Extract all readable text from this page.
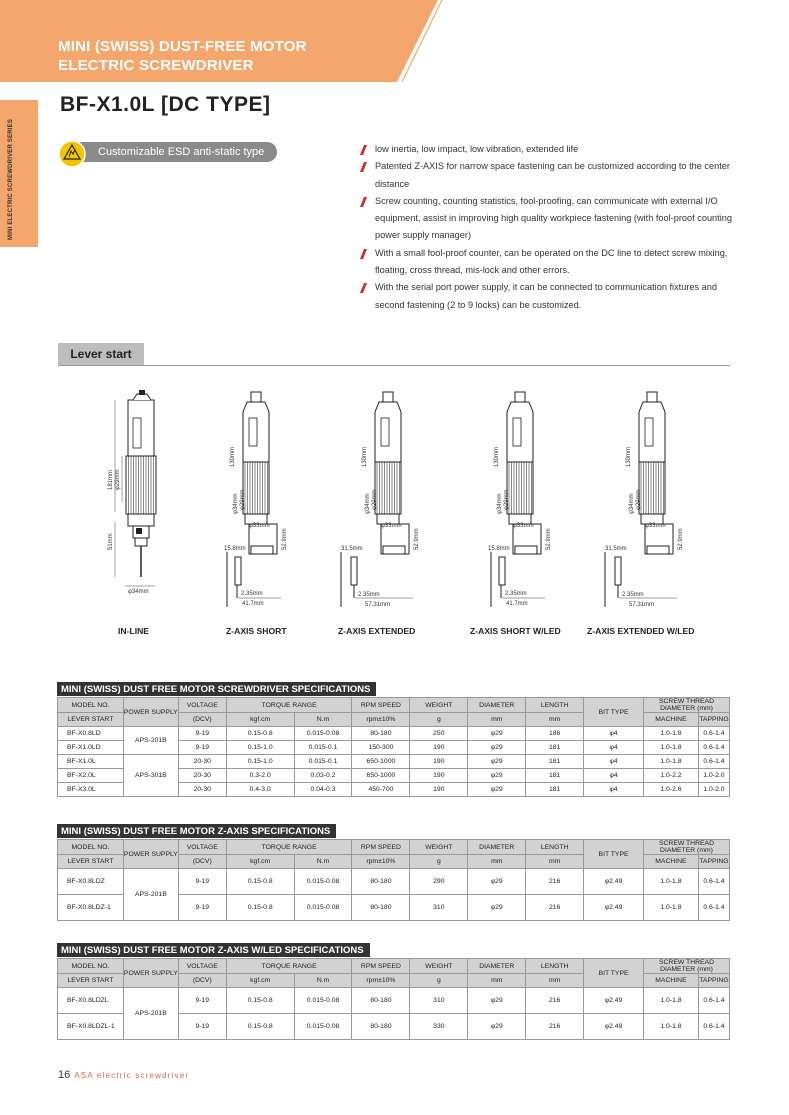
MINI (SWISS) DUST-FREE MOTOR
ELECTRIC SCREWDRIVER
MINI ELECTRIC SCREWDRIVER SERIES
BF-X1.0L [DC TYPE]
Customizable ESD anti-static type	low inertia, low impact, low vibration, extended life
Patented Z-AXIS for narrow space fastening can be customized according to the center distance
Screw counting, counting statistics, fool-proofing, can communicate with external I/O equipment, assist in improving high quality workpiece fastening (with fool-proof counting power supply manager)
With a small fool-proof counter, can be operated on the DC line to detect screw mixing, floating, cross thread, mis-lock and other errors.
With the serial port power supply, it can be connected to communication fixtures and second fastening (2 to 9 locks) can be customized.
Lever start
181mm φ29mm
51mm
φ34mm
130mm
φ34mm φ29mm
φ33mm
15.8mm	52.9mm
2.35mm
41.7mm
130mm
φ34mm φ29mm
φ33mm
31.5mm	52.9mm
2.35mm
57.31mm
130mm
φ34mm φ29mm
φ33mm
15.8mm	52.9mm
2.35mm
41.7mm
130mm
φ34mm φ29mm
φ33mm
31.5mm	52.9mm
2.35mm
57.31mm
IN-LINE	Z-AXIS SHORT	Z-AXIS EXTENDED	Z-AXIS SHORT W/LED	Z-AXIS EXTENDED W/LED
MINI (SWISS) DUST FREE MOTOR SCREWDRIVER SPECIFICATIONS
MODEL NO.	POWER SUPPLY	VOLTAGE	TORQUE RANGE		RPM SPEED	WEIGHT	DIAMETER	LENGTH	BIT TYPE	SCREW THREAD DIAMETER (mm)	
LEVER START		(DCV)	kgf.cm	N.m	rpm±10%	g	mm	mm		MACHINE	TAPPING
BF-X0.8LD	APS-201B	9-19	0.15-0.8	0.015-0.08	80-180	250	φ29	186	φ4	1.0-1.8	0.6-1.4
BF-X1.0LD		9-19	0.15-1.0	0.015-0.1	150-300	190	φ29	181	φ4	1.0-1.8	0.6-1.4
BF-X1.0L	APS-301B	20-30	0.15-1.0	0.015-0.1	650-1000	190	φ29	181	φ4	1.0-1.8	0.6-1.4
BF-X2.0L		20-30	0.3-2.0	0.03-0.2	650-1000	190	φ29	181	φ4	1.0-2.2	1.0-2.0
BF-X3.0L		20-30	0.4-3.0	0.04-0.3	450-700	190	φ29	181	φ4	1.0-2.6	1.0-2.0
MINI (SWISS) DUST FREE MOTOR Z-AXIS SPECIFICATIONS
MODEL NO.	POWER SUPPLY	VOLTAGE	TORQUE RANGE		RPM SPEED	WEIGHT	DIAMETER	LENGTH	BIT TYPE	SCREW THREAD DIAMETER (mm)	
LEVER START		(DCV)	kgf.cm	N.m	rpm±10%	g	mm	mm		MACHINE	TAPPING
BF-X0.8LDZ	APS-201B	9-19	0.15-0.8	0.015-0.08	80-180	290	φ29	216	φ2.49	1.0-1.8	0.6-1.4
BF-X0.8LDZ-1		9-19	0.15-0.8	0.015-0.08	80-180	310	φ29	216	φ2.49	1.0-1.8	0.6-1.4
MINI (SWISS) DUST FREE MOTOR Z-AXIS W/LED SPECIFICATIONS
MODEL NO.	POWER SUPPLY	VOLTAGE	TORQUE RANGE		RPM SPEED	WEIGHT	DIAMETER	LENGTH	BIT TYPE	SCREW THREAD DIAMETER (mm)	
LEVER START		(DCV)	kgf.cm	N.m	rpm±10%	g	mm	mm		MACHINE	TAPPING
BF-X0.8LDZL	APS-201B	9-19	0.15-0.8	0.015-0.08	80-180	310	φ29	216	φ2.49	1.0-1.8	0.6-1.4
BF-X0.8LDZL-1		9-19	0.15-0.8	0.015-0.08	80-180	330	φ29	216	φ2.49	1.0-1.8	0.6-1.4
16 ASA electric screwdriver
